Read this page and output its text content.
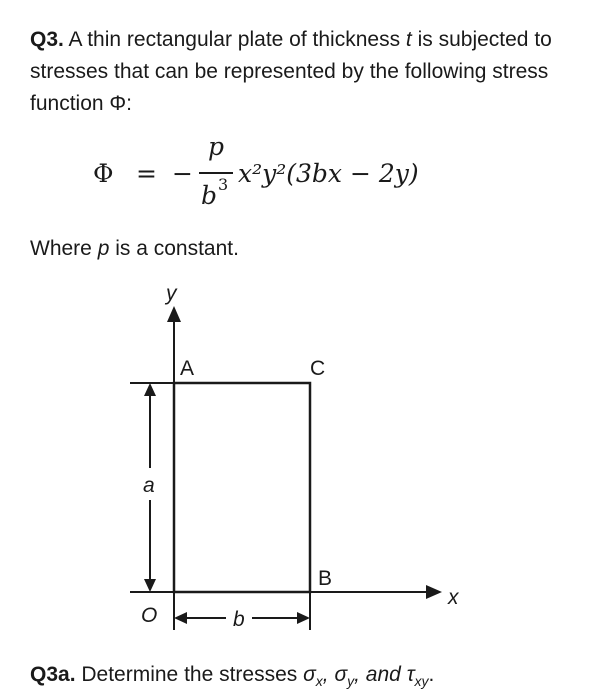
Q3. A thin rectangular plate of thickness t is subjected to stresses that can be represented by the following stress function Φ:
Φ = −
p
b 3 x²y²(3bx − 2y)
Where p is a constant.
y
x
A	C
B
O
a
b
Q3a. Determine the stresses $\sigma_x$, $\sigma_y$, and $\tau_{xy}$.
